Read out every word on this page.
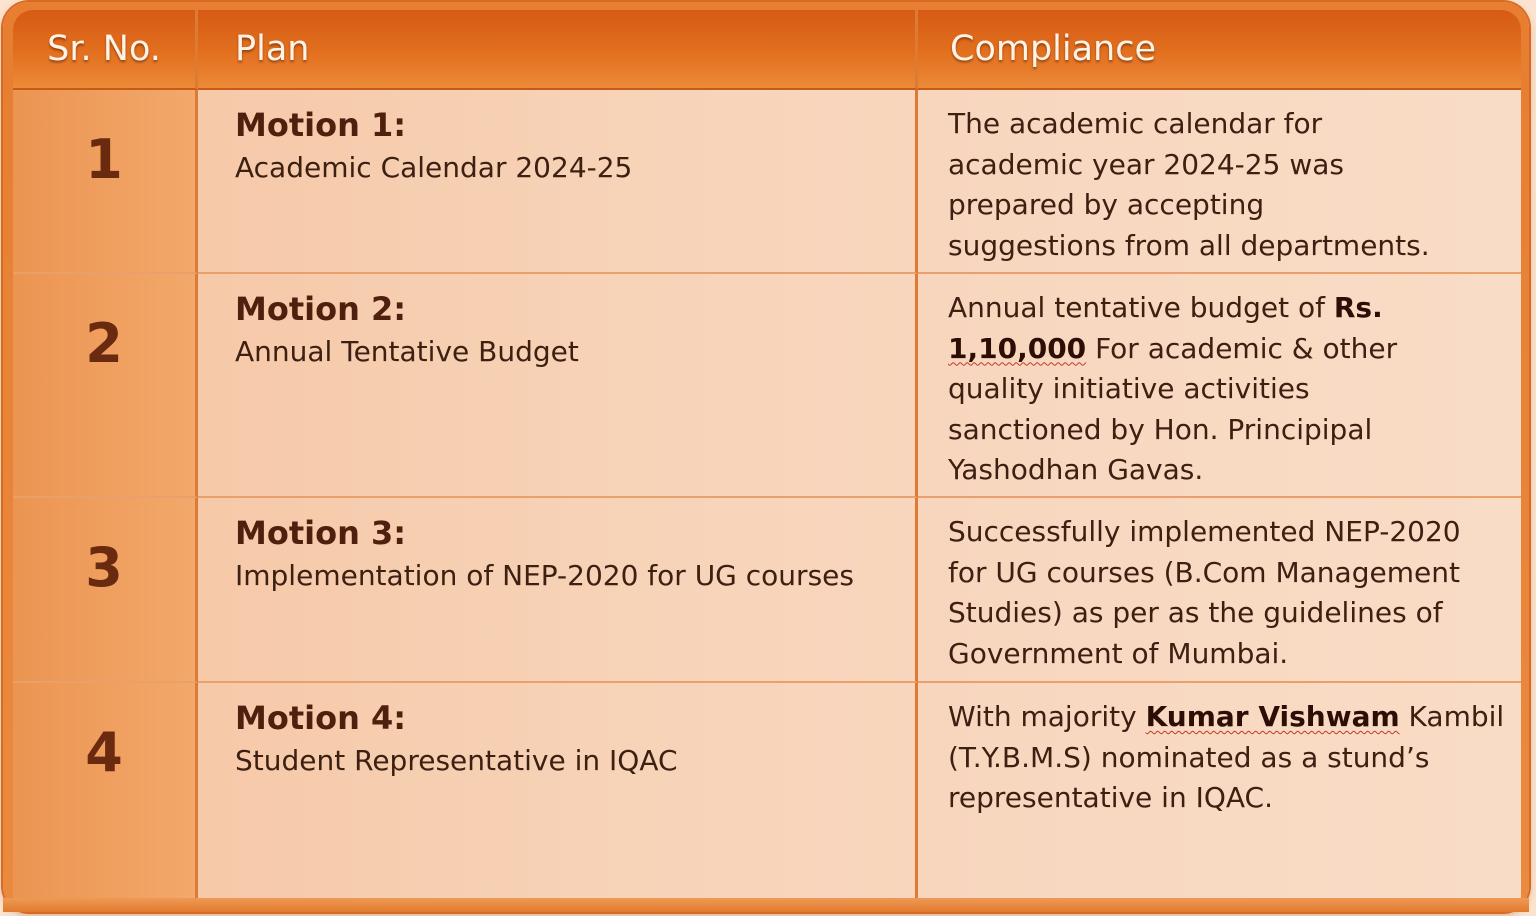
Sr. No. Plan	Compliance
1
Motion 1:
Academic Calendar 2024-25
The academic calendar for
academic year 2024-25 was
prepared by accepting
suggestions from all departments.
2
Motion 2:
Annual Tentative Budget
Annual tentative budget of Rs.
1,10,000 For academic & other
quality initiative activities
sanctioned by Hon. Principipal
Yashodhan Gavas.
3
Motion 3:
Implementation of NEP-2020 for UG courses
Successfully implemented NEP-2020
for UG courses (B.Com Management
Studies) as per as the guidelines of
Government of Mumbai.
4
Motion 4:
Student Representative in IQAC
With majority Kumar Vishwam Kambil
(T.Y.B.M.S) nominated as a stund’s
representative in IQAC.
